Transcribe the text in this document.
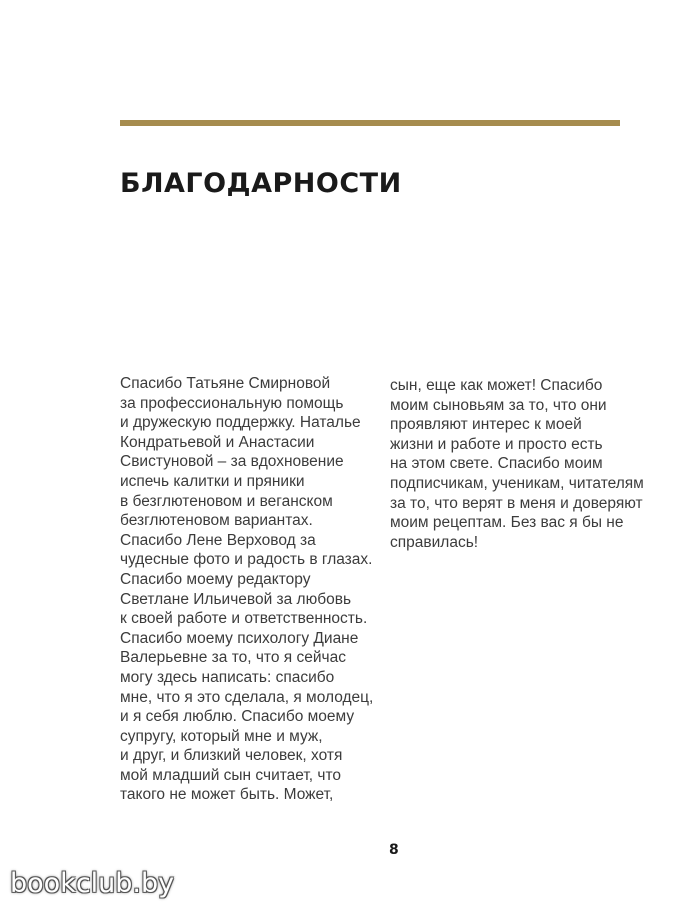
БЛАГОДАРНОСТИ
Спасибо Татьяне Смирновой
за профессиональную помощь
и дружескую поддержку. Наталье
Кондратьевой и Анастасии
Свистуновой – за вдохновение
испечь калитки и пряники
в безглютеновом и веганском
безглютеновом вариантах.
Спасибо Лене Верховод за
чудесные фото и радость в глазах.
Спасибо моему редактору
Светлане Ильичевой за любовь
к своей работе и ответственность.
Спасибо моему психологу Диане
Валерьевне за то, что я сейчас
могу здесь написать: спасибо
мне, что я это сделала, я молодец,
и я себя люблю. Спасибо моему
супругу, который мне и муж,
и друг, и близкий человек, хотя
мой младший сын считает, что
такого не может быть. Может,
сын, еще как может! Спасибо
моим сыновьям за то, что они
проявляют интерес к моей
жизни и работе и просто есть
на этом свете. Спасибо моим
подписчикам, ученикам, читателям
за то, что верят в меня и доверяют
моим рецептам. Без вас я бы не
справилась!
8
bookclub.by
